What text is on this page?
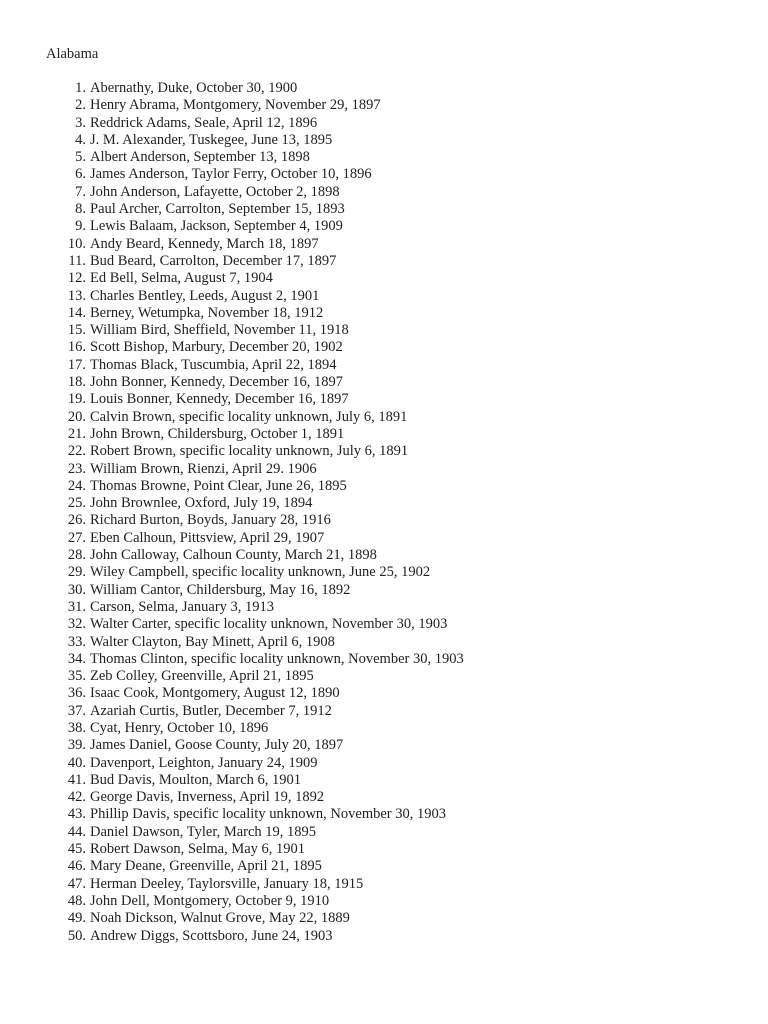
Alabama
1. Abernathy, Duke, October 30, 1900
2. Henry Abrama, Montgomery, November 29, 1897
3. Reddrick Adams, Seale, April 12, 1896
4. J. M. Alexander, Tuskegee, June 13, 1895
5. Albert Anderson, September 13, 1898
6. James Anderson, Taylor Ferry, October 10, 1896
7. John Anderson, Lafayette, October 2, 1898
8. Paul Archer, Carrolton, September 15, 1893
9. Lewis Balaam, Jackson, September 4, 1909
10. Andy Beard, Kennedy, March 18, 1897
11. Bud Beard, Carrolton, December 17, 1897
12. Ed Bell, Selma, August 7, 1904
13. Charles Bentley, Leeds, August 2, 1901
14. Berney, Wetumpka, November 18, 1912
15. William Bird, Sheffield, November 11, 1918
16. Scott Bishop, Marbury, December 20, 1902
17. Thomas Black, Tuscumbia, April 22, 1894
18. John Bonner, Kennedy, December 16, 1897
19. Louis Bonner, Kennedy, December 16, 1897
20. Calvin Brown, specific locality unknown, July 6, 1891
21. John Brown, Childersburg, October 1, 1891
22. Robert Brown, specific locality unknown, July 6, 1891
23. William Brown, Rienzi, April 29. 1906
24. Thomas Browne, Point Clear, June 26, 1895
25. John Brownlee, Oxford, July 19, 1894
26. Richard Burton, Boyds, January 28, 1916
27. Eben Calhoun, Pittsview, April 29, 1907
28. John Calloway, Calhoun County, March 21, 1898
29. Wiley Campbell, specific locality unknown, June 25, 1902
30. William Cantor, Childersburg, May 16, 1892
31. Carson, Selma, January 3, 1913
32. Walter Carter, specific locality unknown, November 30, 1903
33. Walter Clayton, Bay Minett, April 6, 1908
34. Thomas Clinton, specific locality unknown, November 30, 1903
35. Zeb Colley, Greenville, April 21, 1895
36. Isaac Cook, Montgomery, August 12, 1890
37. Azariah Curtis, Butler, December 7, 1912
38. Cyat, Henry, October 10, 1896
39. James Daniel, Goose County, July 20, 1897
40. Davenport, Leighton, January 24, 1909
41. Bud Davis, Moulton, March 6, 1901
42. George Davis, Inverness, April 19, 1892
43. Phillip Davis, specific locality unknown, November 30, 1903
44. Daniel Dawson, Tyler, March 19, 1895
45. Robert Dawson, Selma, May 6, 1901
46. Mary Deane, Greenville, April 21, 1895
47. Herman Deeley, Taylorsville, January 18, 1915
48. John Dell, Montgomery, October 9, 1910
49. Noah Dickson, Walnut Grove, May 22, 1889
50. Andrew Diggs, Scottsboro, June 24, 1903
